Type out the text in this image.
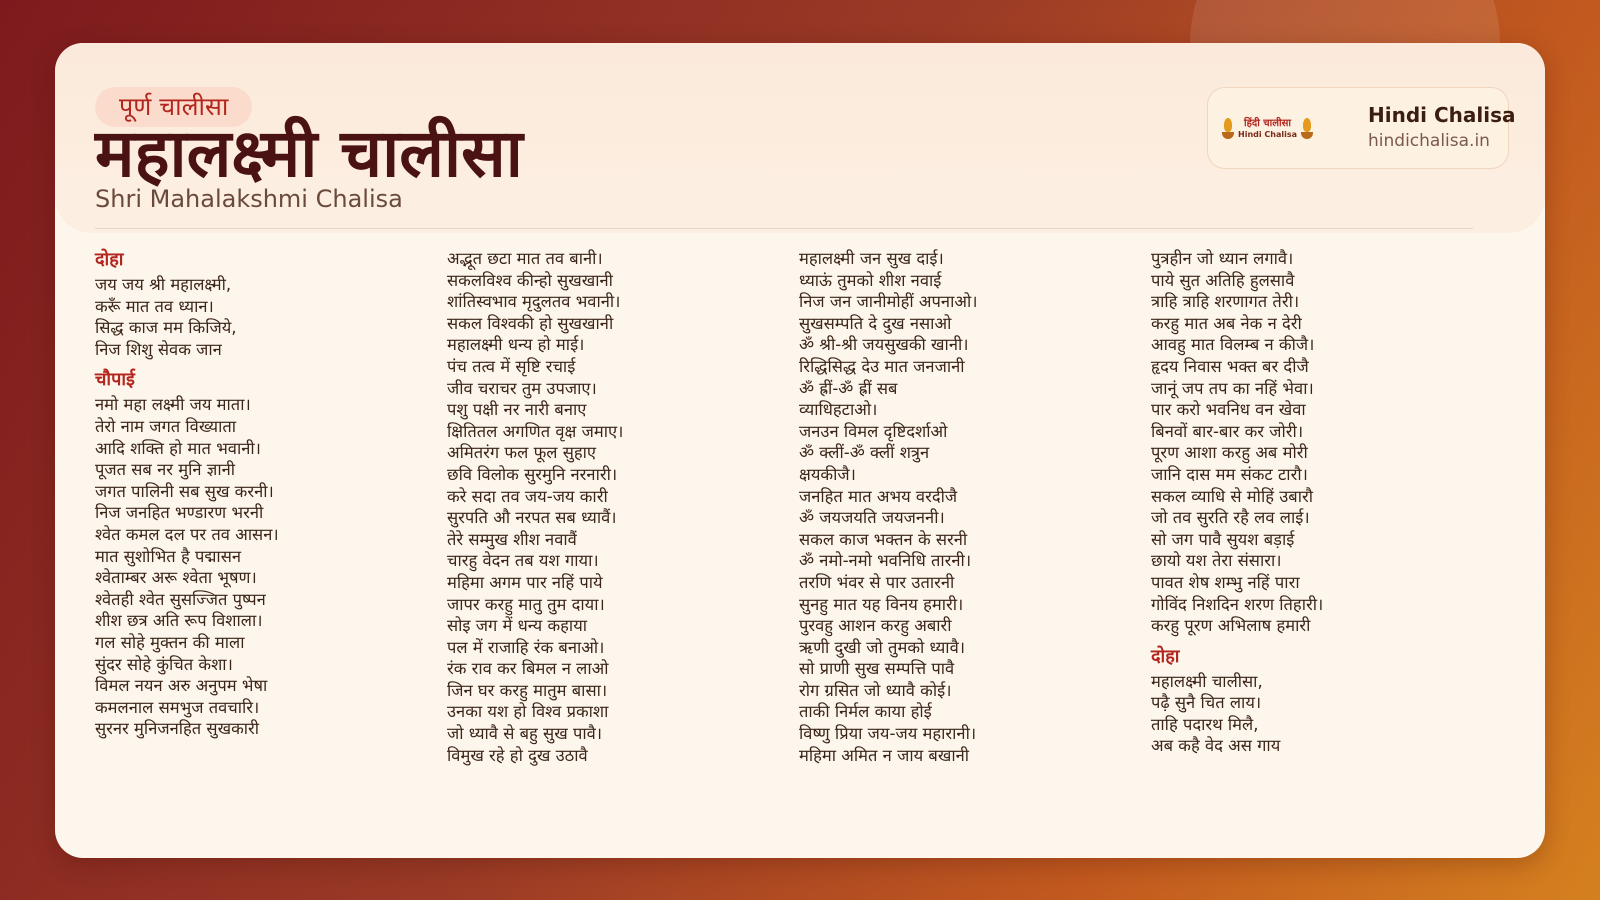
पूर्ण चालीसा
महालक्ष्मी चालीसा
Shri Mahalakshmi Chalisa
हिंदी चालीसा
Hindi Chalisa
Hindi Chalisa
hindichalisa.in
दोहा
जय जय श्री महालक्ष्मी,
करूँ मात तव ध्यान।
सिद्ध काज मम किजिये,
निज शिशु सेवक जान
चौपाई
नमो महा लक्ष्मी जय माता।
तेरो नाम जगत विख्याता
आदि शक्ति हो मात भवानी।
पूजत सब नर मुनि ज्ञानी
जगत पालिनी सब सुख करनी।
निज जनहित भण्डारण भरनी
श्वेत कमल दल पर तव आसन।
मात सुशोभित है पद्मासन
श्वेताम्बर अरू श्वेता भूषण।
श्वेतही श्वेत सुसज्जित पुष्पन
शीश छत्र अति रूप विशाला।
गल सोहे मुक्तन की माला
सुंदर सोहे कुंचित केशा।
विमल नयन अरु अनुपम भेषा
कमलनाल समभुज तवचारि।
सुरनर मुनिजनहित सुखकारी
अद्भूत छटा मात तव बानी।
सकलविश्व कीन्हो सुखखानी
शांतिस्वभाव मृदुलतव भवानी।
सकल विश्वकी हो सुखखानी
महालक्ष्मी धन्य हो माई।
पंच तत्व में सृष्टि रचाई
जीव चराचर तुम उपजाए।
पशु पक्षी नर नारी बनाए
क्षितितल अगणित वृक्ष जमाए।
अमितरंग फल फूल सुहाए
छवि विलोक सुरमुनि नरनारी।
करे सदा तव जय-जय कारी
सुरपति औ नरपत सब ध्यावैं।
तेरे सम्मुख शीश नवावैं
चारहु वेदन तब यश गाया।
महिमा अगम पार नहिं पाये
जापर करहु मातु तुम दाया।
सोइ जग में धन्य कहाया
पल में राजाहि रंक बनाओ।
रंक राव कर बिमल न लाओ
जिन घर करहु मातुम बासा।
उनका यश हो विश्व प्रकाशा
जो ध्यावै से बहु सुख पावै।
विमुख रहे हो दुख उठावै
महालक्ष्मी जन सुख दाई।
ध्याऊं तुमको शीश नवाई
निज जन जानीमोहीं अपनाओ।
सुखसम्पति दे दुख नसाओ
ॐ श्री-श्री जयसुखकी खानी।
रिद्धिसिद्ध देउ मात जनजानी
ॐ ह्रीं-ॐ ह्रीं सब
व्याधिहटाओ।
जनउन विमल दृष्टिदर्शाओ
ॐ क्लीं-ॐ क्लीं शत्रुन
क्षयकीजै।
जनहित मात अभय वरदीजै
ॐ जयजयति जयजननी।
सकल काज भक्तन के सरनी
ॐ नमो-नमो भवनिधि तारनी।
तरणि भंवर से पार उतारनी
सुनहु मात यह विनय हमारी।
पुरवहु आशन करहु अबारी
ऋणी दुखी जो तुमको ध्यावै।
सो प्राणी सुख सम्पत्ति पावै
रोग ग्रसित जो ध्यावै कोई।
ताकी निर्मल काया होई
विष्णु प्रिया जय-जय महारानी।
महिमा अमित न जाय बखानी
पुत्रहीन जो ध्यान लगावै।
पाये सुत अतिहि हुलसावै
त्राहि त्राहि शरणागत तेरी।
करहु मात अब नेक न देरी
आवहु मात विलम्ब न कीजै।
हृदय निवास भक्त बर दीजै
जानूं जप तप का नहिं भेवा।
पार करो भवनिध वन खेवा
बिनवों बार-बार कर जोरी।
पूरण आशा करहु अब मोरी
जानि दास मम संकट टारौ।
सकल व्याधि से मोहिं उबारौ
जो तव सुरति रहै लव लाई।
सो जग पावै सुयश बड़ाई
छायो यश तेरा संसारा।
पावत शेष शम्भु नहिं पारा
गोविंद निशदिन शरण तिहारी।
करहु पूरण अभिलाष हमारी
दोहा
महालक्ष्मी चालीसा,
पढ़ै सुनै चित लाय।
ताहि पदारथ मिलै,
अब कहै वेद अस गाय
